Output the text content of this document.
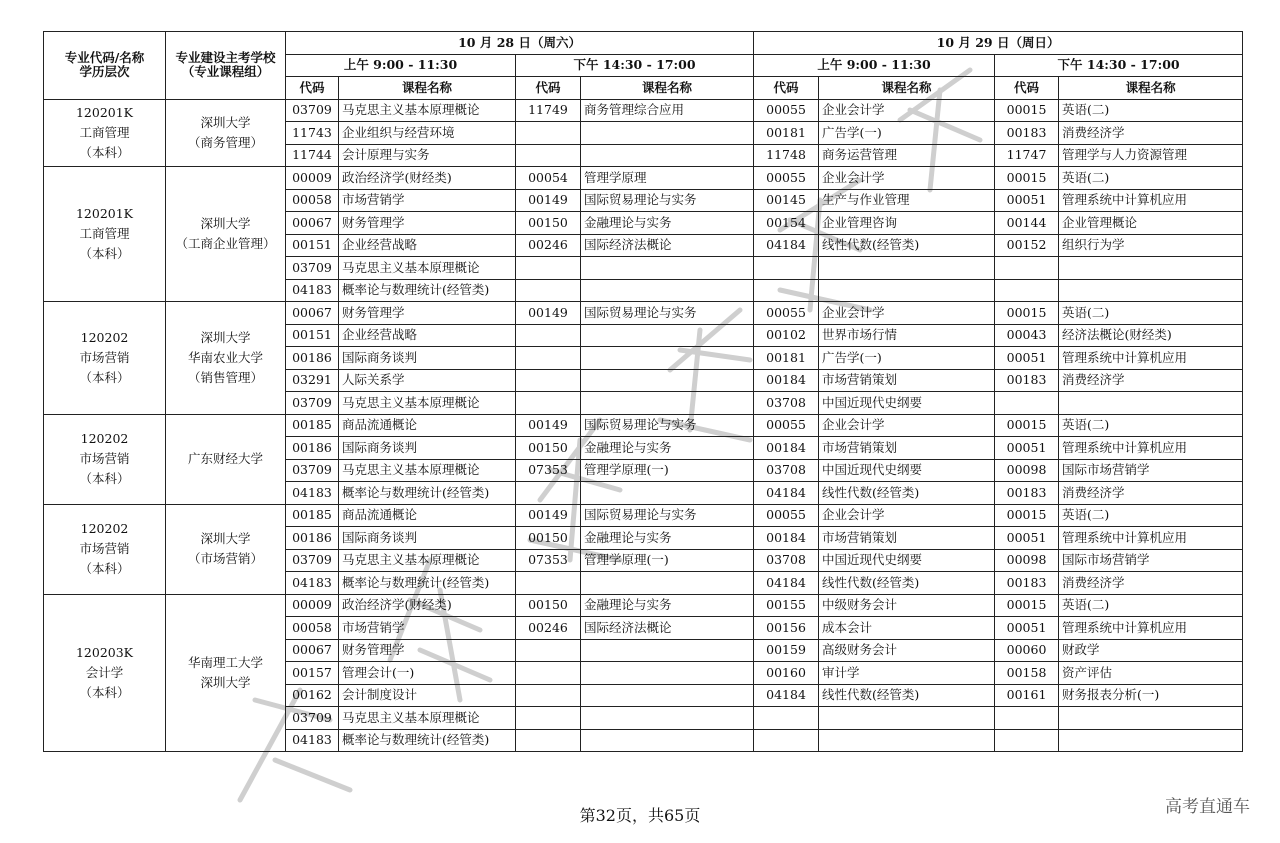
专业代码/名称
学历层次	专业建设主考学校
（专业课程组）	10 月 28 日（周六）				10 月 29 日（周日）			
		上午 9:00 - 11:30		下午 14:30 - 17:00		上午 9:00 - 11:30		下午 14:30 - 17:00	
		代码	课程名称	代码	课程名称	代码	课程名称	代码	课程名称

120201K
工商管理
（本科）	深圳大学
（商务管理）	03709	马克思主义基本原理概论	11749	商务管理综合应用	00055	企业会计学	00015	英语(二)
		11743	企业组织与经营环境			00181	广告学(一)	00183	消费经济学
		11744	会计原理与实务			11748	商务运营管理	11747	管理学与人力资源管理

120201K
工商管理
（本科）	深圳大学
（工商企业管理）	00009	政治经济学(财经类)	00054	管理学原理	00055	企业会计学	00015	英语(二)
		00058	市场营销学	00149	国际贸易理论与实务	00145	生产与作业管理	00051	管理系统中计算机应用
		00067	财务管理学	00150	金融理论与实务	00154	企业管理咨询	00144	企业管理概论
		00151	企业经营战略	00246	国际经济法概论	04184	线性代数(经管类)	00152	组织行为学
		03709	马克思主义基本原理概论						
		04183	概率论与数理统计(经管类)						

120202
市场营销
（本科）	深圳大学
华南农业大学
（销售管理）	00067	财务管理学	00149	国际贸易理论与实务	00055	企业会计学	00015	英语(二)
		00151	企业经营战略			00102	世界市场行情	00043	经济法概论(财经类)
		00186	国际商务谈判			00181	广告学(一)	00051	管理系统中计算机应用
		03291	人际关系学			00184	市场营销策划	00183	消费经济学
		03709	马克思主义基本原理概论			03708	中国近现代史纲要		

120202
市场营销
（本科）	广东财经大学	00185	商品流通概论	00149	国际贸易理论与实务	00055	企业会计学	00015	英语(二)
		00186	国际商务谈判	00150	金融理论与实务	00184	市场营销策划	00051	管理系统中计算机应用
		03709	马克思主义基本原理概论	07353	管理学原理(一)	03708	中国近现代史纲要	00098	国际市场营销学
		04183	概率论与数理统计(经管类)			04184	线性代数(经管类)	00183	消费经济学

120202
市场营销
（本科）	深圳大学
（市场营销）	00185	商品流通概论	00149	国际贸易理论与实务	00055	企业会计学	00015	英语(二)
		00186	国际商务谈判	00150	金融理论与实务	00184	市场营销策划	00051	管理系统中计算机应用
		03709	马克思主义基本原理概论	07353	管理学原理(一)	03708	中国近现代史纲要	00098	国际市场营销学
		04183	概率论与数理统计(经管类)			04184	线性代数(经管类)	00183	消费经济学

120203K
会计学
（本科）	华南理工大学
深圳大学	00009	政治经济学(财经类)	00150	金融理论与实务	00155	中级财务会计	00015	英语(二)
		00058	市场营销学	00246	国际经济法概论	00156	成本会计	00051	管理系统中计算机应用
		00067	财务管理学			00159	高级财务会计	00060	财政学
		00157	管理会计(一)			00160	审计学	00158	资产评估
		00162	会计制度设计			04184	线性代数(经管类)	00161	财务报表分析(一)
		03709	马克思主义基本原理概论						
		04183	概率论与数理统计(经管类)						
第32页，共65页	高考直通车
